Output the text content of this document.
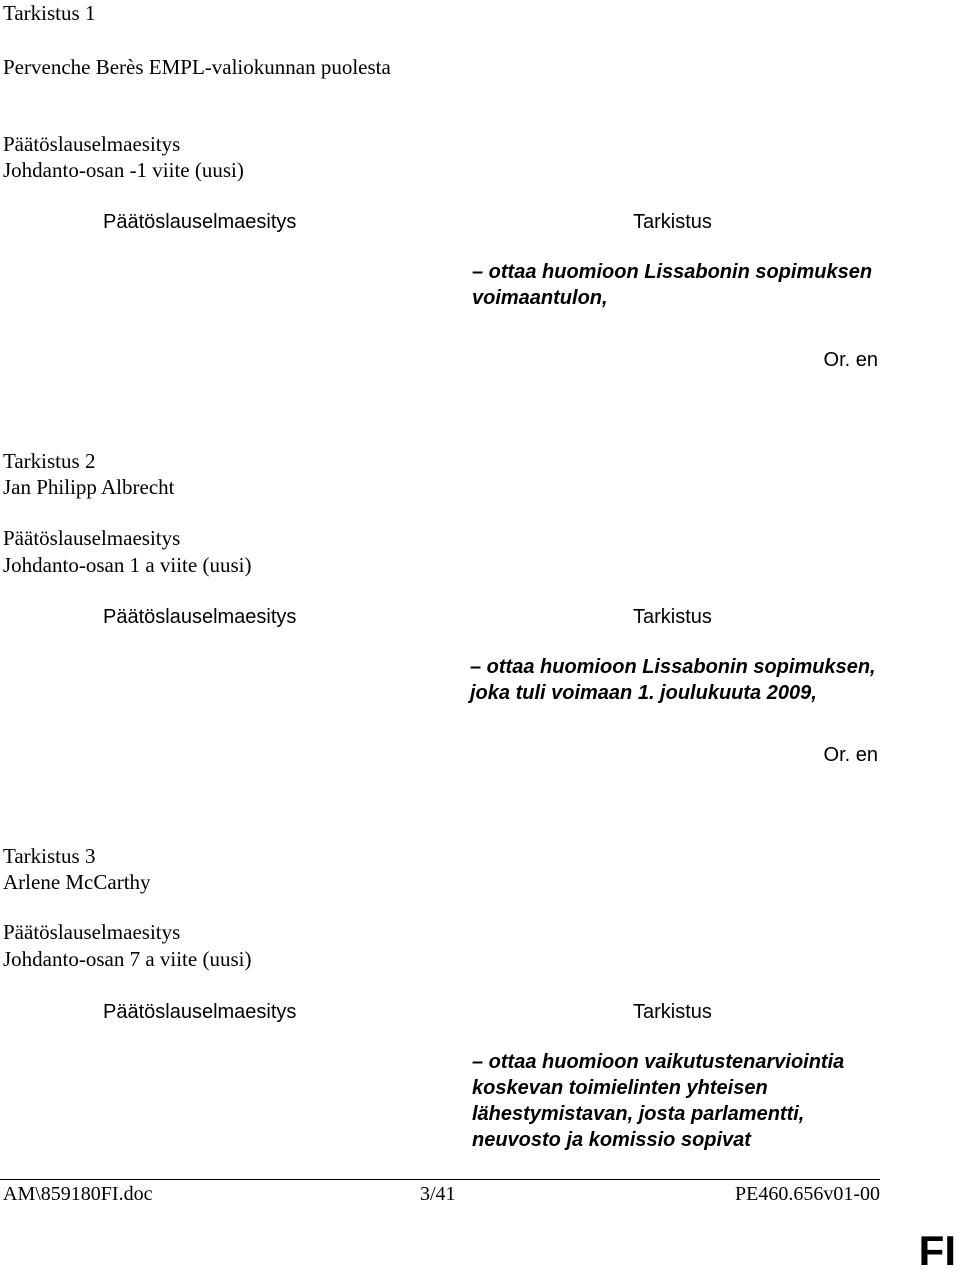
Tarkistus 1
Pervenche Berès EMPL-valiokunnan puolesta
Päätöslauselmaesitys
Johdanto-osan -1 viite (uusi)
Päätöslauselmaesitys	Tarkistus
– ottaa huomioon Lissabonin sopimuksen
voimaantulon,
Or. en
Tarkistus 2
Jan Philipp Albrecht
Päätöslauselmaesitys
Johdanto-osan 1 a viite (uusi)
Päätöslauselmaesitys	Tarkistus
– ottaa huomioon Lissabonin sopimuksen,
joka tuli voimaan 1. joulukuuta 2009,
Or. en
Tarkistus 3
Arlene McCarthy
Päätöslauselmaesitys
Johdanto-osan 7 a viite (uusi)
Päätöslauselmaesitys	Tarkistus
– ottaa huomioon vaikutustenarviointia
koskevan toimielinten yhteisen
lähestymistavan, josta parlamentti,
neuvosto ja komissio sopivat
AM\859180FI.doc	3/41	PE460.656v01-00
FI
